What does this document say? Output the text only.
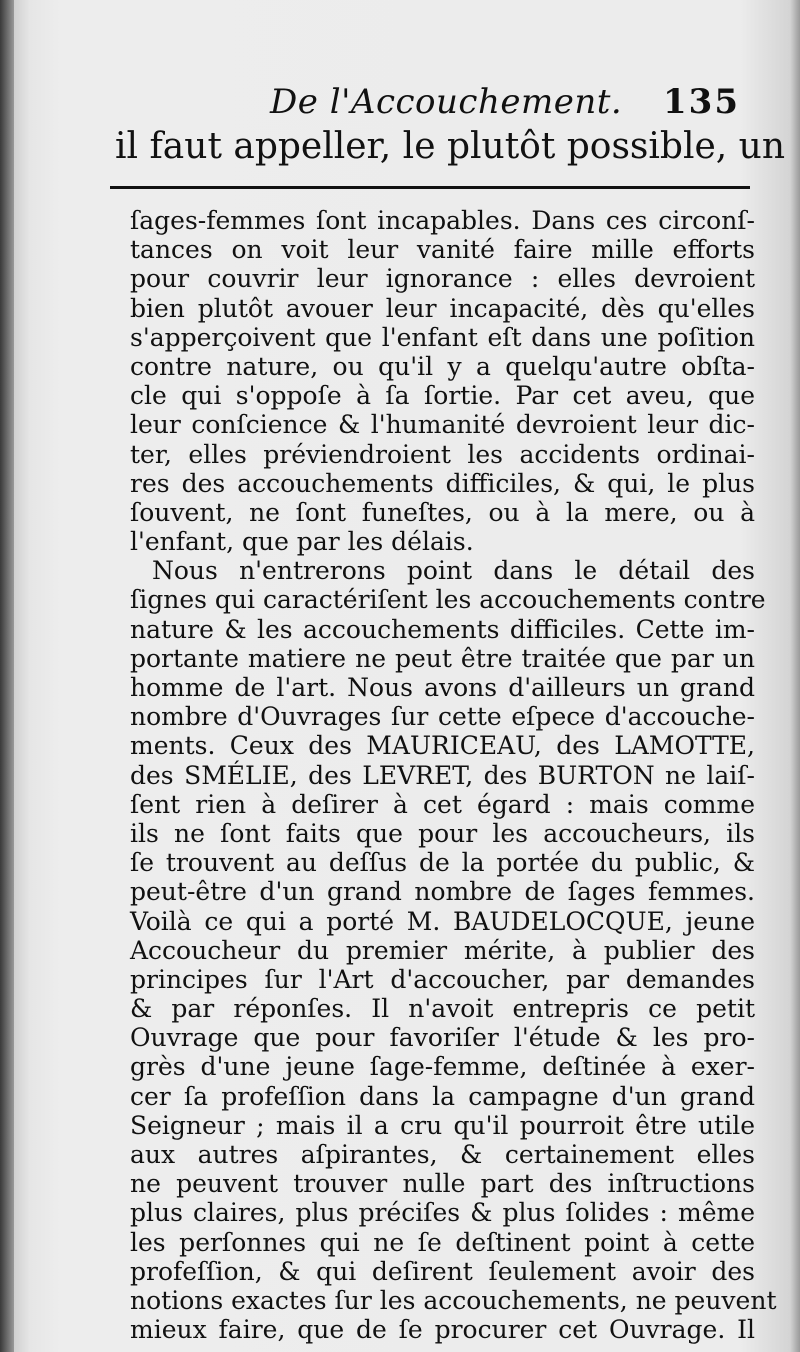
De l'Accouchement. 135
il faut appeller, le plutôt possible, un
ſages-femmes ſont incapables. Dans ces circonſ-
tances on voit leur vanité faire mille efforts
pour couvrir leur ignorance : elles devroient
bien plutôt avouer leur incapacité, dès qu'elles
s'apperçoivent que l'enfant eſt dans une poſition
contre nature, ou qu'il y a quelqu'autre obſta-
cle qui s'oppoſe à ſa ſortie. Par cet aveu, que
leur conſcience & l'humanité devroient leur dic-
ter, elles préviendroient les accidents ordinai-
res des accouchements difficiles, & qui, le plus
ſouvent, ne ſont funeſtes, ou à la mere, ou à
l'enfant, que par les délais.
Nous n'entrerons point dans le détail des
ſignes qui caractériſent les accouchements contre
nature & les accouchements difficiles. Cette im-
portante matiere ne peut être traitée que par un
homme de l'art. Nous avons d'ailleurs un grand
nombre d'Ouvrages ſur cette eſpece d'accouche-
ments. Ceux des MAURICEAU, des LAMOTTE,
des SMÉLIE, des LEVRET, des BURTON ne laiſ-
ſent rien à deſirer à cet égard : mais comme
ils ne ſont faits que pour les accoucheurs, ils
ſe trouvent au deſſus de la portée du public, &
peut-être d'un grand nombre de ſages femmes.
Voilà ce qui a porté M. BAUDELOCQUE, jeune
Accoucheur du premier mérite, à publier des
principes ſur l'Art d'accoucher, par demandes
& par réponſes. Il n'avoit entrepris ce petit
Ouvrage que pour favoriſer l'étude & les pro-
grès d'une jeune ſage-femme, deſtinée à exer-
cer ſa profeſſion dans la campagne d'un grand
Seigneur ; mais il a cru qu'il pourroit être utile
aux autres aſpirantes, & certainement elles
ne peuvent trouver nulle part des inſtructions
plus claires, plus préciſes & plus ſolides : même
les perſonnes qui ne ſe deſtinent point à cette
profeſſion, & qui deſirent ſeulement avoir des
notions exactes ſur les accouchements, ne peuvent
mieux faire, que de ſe procurer cet Ouvrage. Il
